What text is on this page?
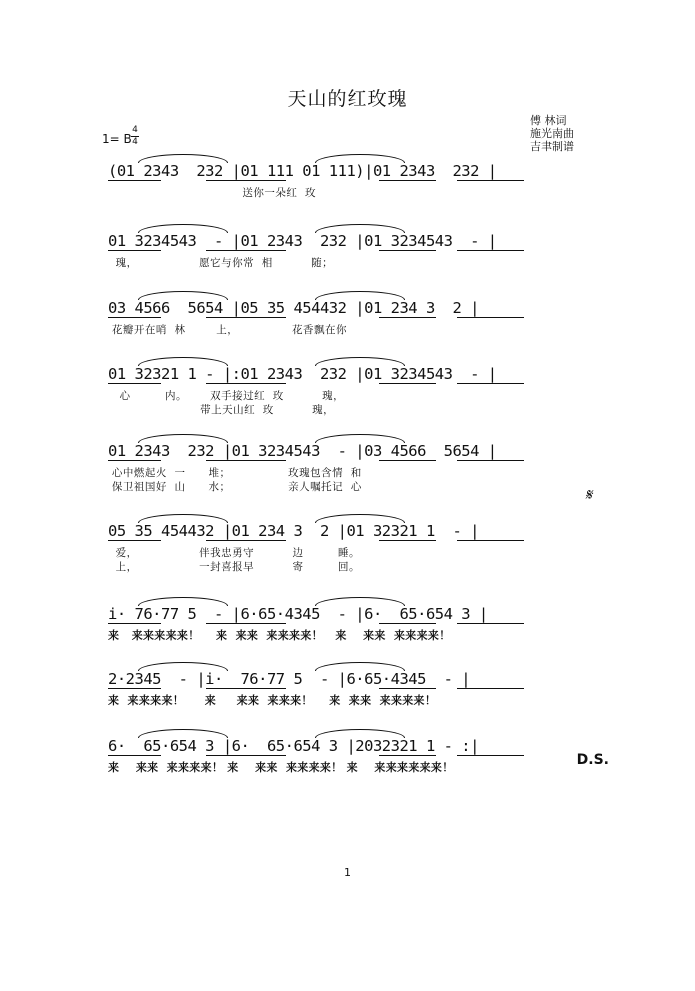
天山的红玫瑰
傅 林词
施光南曲
吉聿制谱
1= B
4
4
(01 2343  232 |01 111 01 111)|01 2343  232 |
送你一朵红  玫
01 3234543  - |01 2343  232 |01 3234543  - |
瑰，                愿它与你常  相          随；
03 4566  5654 |05 35 454432 |01 234 3  2 |
花瓣开在哨  林        上，              花香飘在你
01 32321 1 - |:01 2343  232 |01 3234543  - |
心         内。      双手接过红  玫          瑰，
带上天山红  玫          瑰，
01 2343  232 |01 3234543  - |03 4566  5654 |
心中燃起火  一      堆；               玫瑰包含情  和
保卫祖国好  山      水；               亲人嘱托记  心
05 35 454432 |01 234 3  2 |01 32321 1  - |
爱，                伴我忠勇守          边         睡。
上，                一封喜报早          寄         回。
i· 76·77 5  - |6·65·4345  - |6·  65·654 3 |
来   来来来来来！    来  来来  来来来来！   来    来来  来来来来！
2·2345  - |i·  76·77 5  - |6·65·4345  - |
来  来来来来！     来     来来  来来来！    来  来来  来来来来！
6·  65·654 3 |6·  65·654 3 |2032321 1 - :|
来    来来  来来来来！ 来    来来  来来来来！ 来    来来来来来来！
𝄋
D.S.
1
